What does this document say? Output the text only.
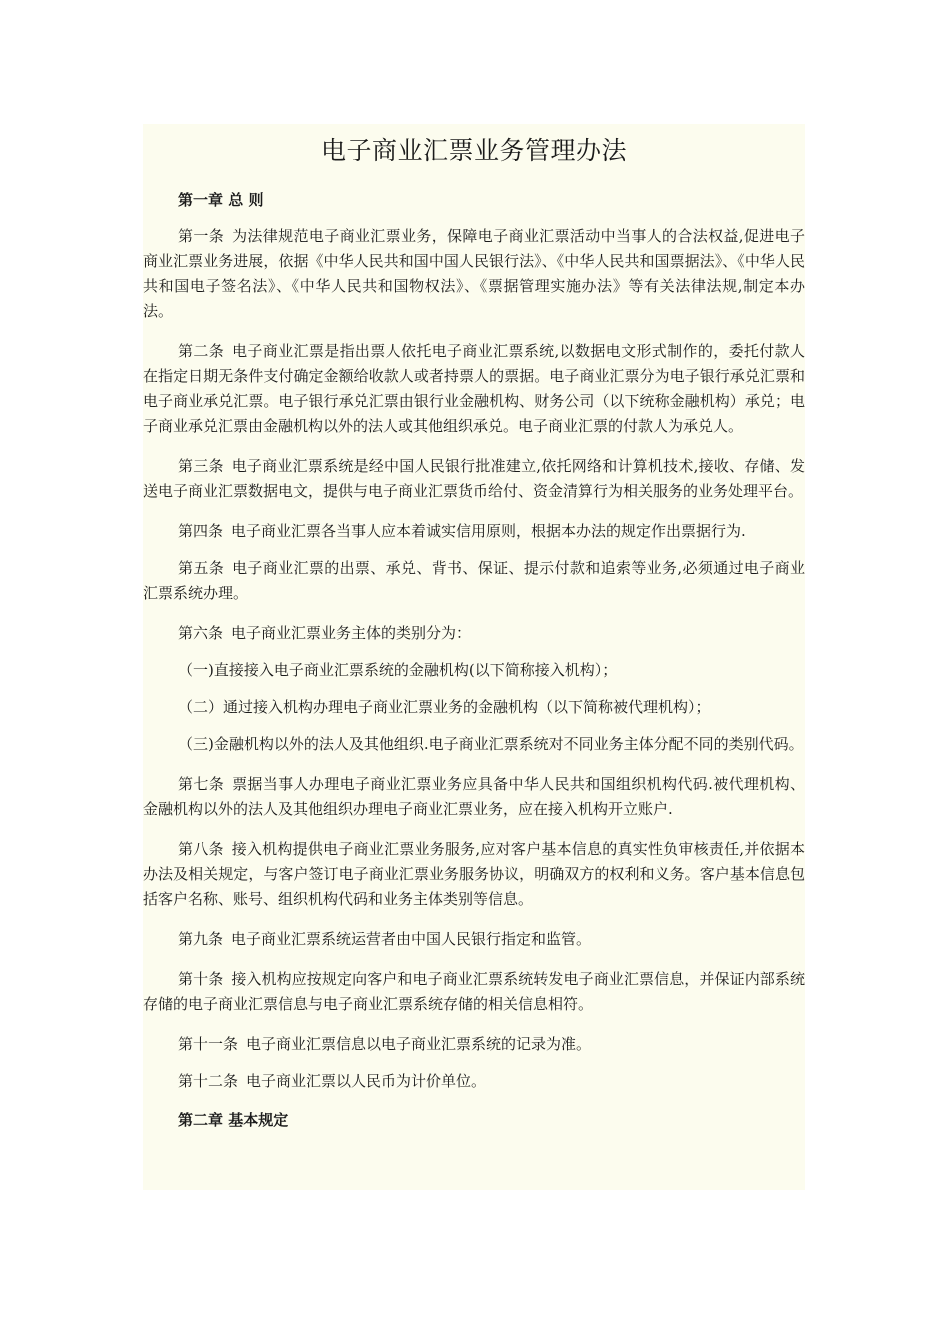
电子商业汇票业务管理办法

第一章 总 则

第一条 为法律规范电子商业汇票业务，保障电子商业汇票活动中当事人的合法权益,促进电子商业汇票业务进展，依据《中华人民共和国中国人民银行法》、《中华人民共和国票据法》、《中华人民共和国电子签名法》、《中华人民共和国物权法》、《票据管理实施办法》等有关法律法规,制定本办法。

第二条 电子商业汇票是指出票人依托电子商业汇票系统,以数据电文形式制作的，委托付款人在指定日期无条件支付确定金额给收款人或者持票人的票据。电子商业汇票分为电子银行承兑汇票和电子商业承兑汇票。电子银行承兑汇票由银行业金融机构、财务公司（以下统称金融机构）承兑；电子商业承兑汇票由金融机构以外的法人或其他组织承兑。电子商业汇票的付款人为承兑人。

第三条 电子商业汇票系统是经中国人民银行批准建立,依托网络和计算机技术,接收、存储、发送电子商业汇票数据电文，提供与电子商业汇票货币给付、资金清算行为相关服务的业务处理平台。

第四条 电子商业汇票各当事人应本着诚实信用原则，根据本办法的规定作出票据行为.

第五条 电子商业汇票的出票、承兑、背书、保证、提示付款和追索等业务,必须通过电子商业汇票系统办理。

第六条 电子商业汇票业务主体的类别分为：

（一)直接接入电子商业汇票系统的金融机构(以下简称接入机构）；

（二）通过接入机构办理电子商业汇票业务的金融机构（以下简称被代理机构）；

（三)金融机构以外的法人及其他组织.电子商业汇票系统对不同业务主体分配不同的类别代码。

第七条 票据当事人办理电子商业汇票业务应具备中华人民共和国组织机构代码.被代理机构、金融机构以外的法人及其他组织办理电子商业汇票业务，应在接入机构开立账户.

第八条 接入机构提供电子商业汇票业务服务,应对客户基本信息的真实性负审核责任,并依据本办法及相关规定，与客户签订电子商业汇票业务服务协议，明确双方的权利和义务。客户基本信息包括客户名称、账号、组织机构代码和业务主体类别等信息。

第九条 电子商业汇票系统运营者由中国人民银行指定和监管。

第十条 接入机构应按规定向客户和电子商业汇票系统转发电子商业汇票信息，并保证内部系统存储的电子商业汇票信息与电子商业汇票系统存储的相关信息相符。

第十一条 电子商业汇票信息以电子商业汇票系统的记录为准。

第十二条 电子商业汇票以人民币为计价单位。

第二章 基本规定
